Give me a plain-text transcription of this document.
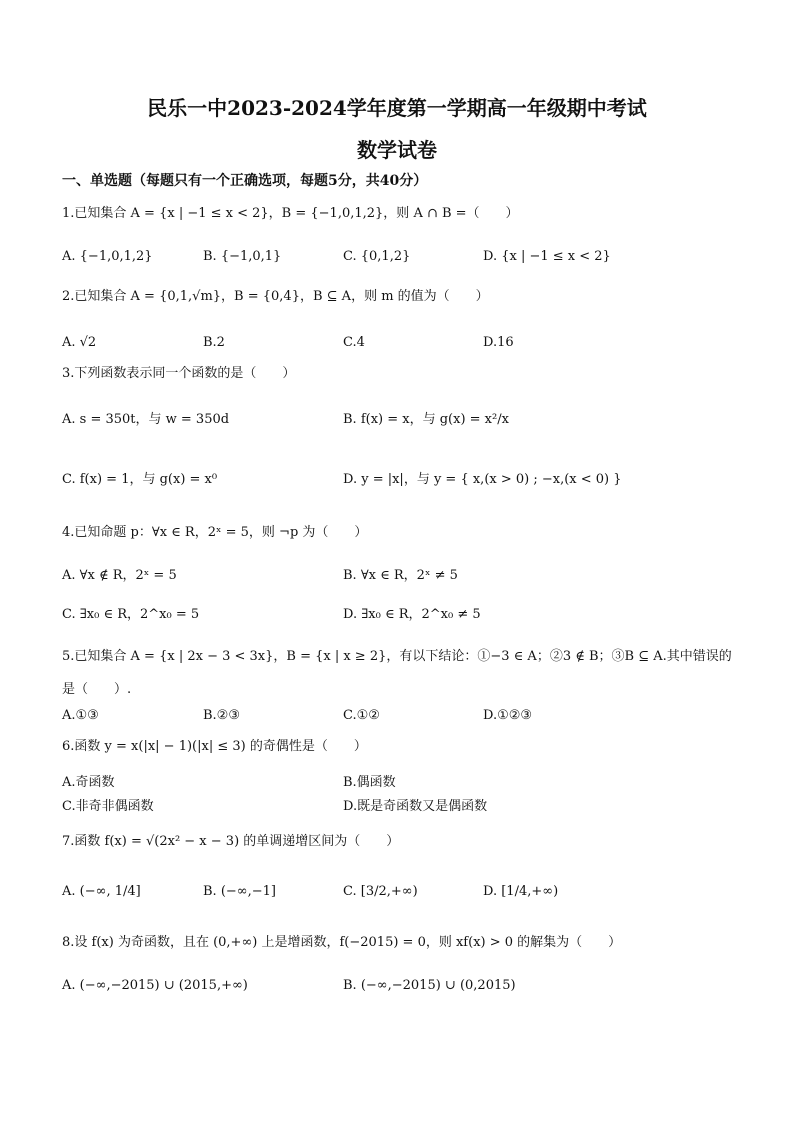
民乐一中2023-2024学年度第一学期高一年级期中考试
数学试卷
一、单选题（每题只有一个正确选项，每题5分，共40分）
1.已知集合 A = {x | −1 ≤ x < 2}，B = {−1,0,1,2}，则 A ∩ B =（　　）
A. {−1,0,1,2}	B. {−1,0,1}	C. {0,1,2}	D. {x | −1 ≤ x < 2}
2.已知集合 A = {0,1,√m}，B = {0,4}，B ⊆ A，则 m 的值为（　　）
A. √2	B.2	C.4	D.16
3.下列函数表示同一个函数的是（　　）
A. s = 350t，与 w = 350d	B. f(x) = x，与 g(x) = x²/x
C. f(x) = 1，与 g(x) = x⁰	D. y = |x|，与 y = { x,(x > 0) ; −x,(x < 0) }
4.已知命题 p：∀x ∈ R，2ˣ = 5，则 ¬p 为（　　）
A. ∀x ∉ R，2ˣ = 5	B. ∀x ∈ R，2ˣ ≠ 5
C. ∃x₀ ∈ R，2^x₀ = 5	D. ∃x₀ ∈ R，2^x₀ ≠ 5
5.已知集合 A = {x | 2x − 3 < 3x}，B = {x | x ≥ 2}，有以下结论：①−3 ∈ A；②3 ∉ B；③B ⊆ A.其中错误的
是（　　）.
A.①③	B.②③	C.①②	D.①②③
6.函数 y = x(|x| − 1)(|x| ≤ 3) 的奇偶性是（　　）
A.奇函数	B.偶函数
C.非奇非偶函数	D.既是奇函数又是偶函数
7.函数 f(x) = √(2x² − x − 3) 的单调递增区间为（　　）
A. (−∞, 1/4]	B. (−∞,−1]	C. [3/2,+∞)	D. [1/4,+∞)
8.设 f(x) 为奇函数，且在 (0,+∞) 上是增函数，f(−2015) = 0，则 xf(x) > 0 的解集为（　　）
A. (−∞,−2015) ∪ (2015,+∞)	B. (−∞,−2015) ∪ (0,2015)
